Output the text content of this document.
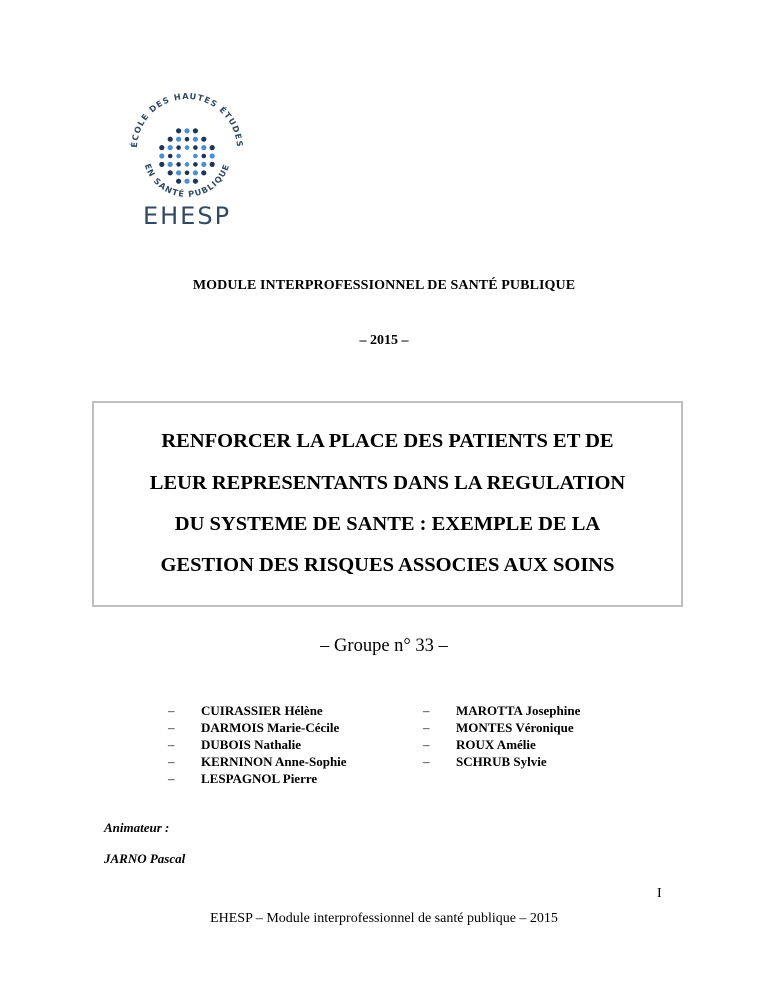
ÉCOLE DES HAUTES ÉTUDES
EN SANTÉ PUBLIQUE
EHESP
MODULE INTERPROFESSIONNEL DE SANTÉ PUBLIQUE
– 2015 –
RENFORCER LA PLACE DES PATIENTS ET DE
LEUR REPRESENTANTS DANS LA REGULATION
DU SYSTEME DE SANTE : EXEMPLE DE LA
GESTION DES RISQUES ASSOCIES AUX SOINS
– Groupe n° 33 –
– CUIRASSIER Hélène
– DARMOIS Marie-Cécile
– DUBOIS Nathalie
– KERNINON Anne-Sophie
– LESPAGNOL Pierre
– MAROTTA Josephine
– MONTES Véronique
– ROUX Amélie
– SCHRUB Sylvie
Animateur :
JARNO Pascal
I
EHESP – Module interprofessionnel de santé publique – 2015
